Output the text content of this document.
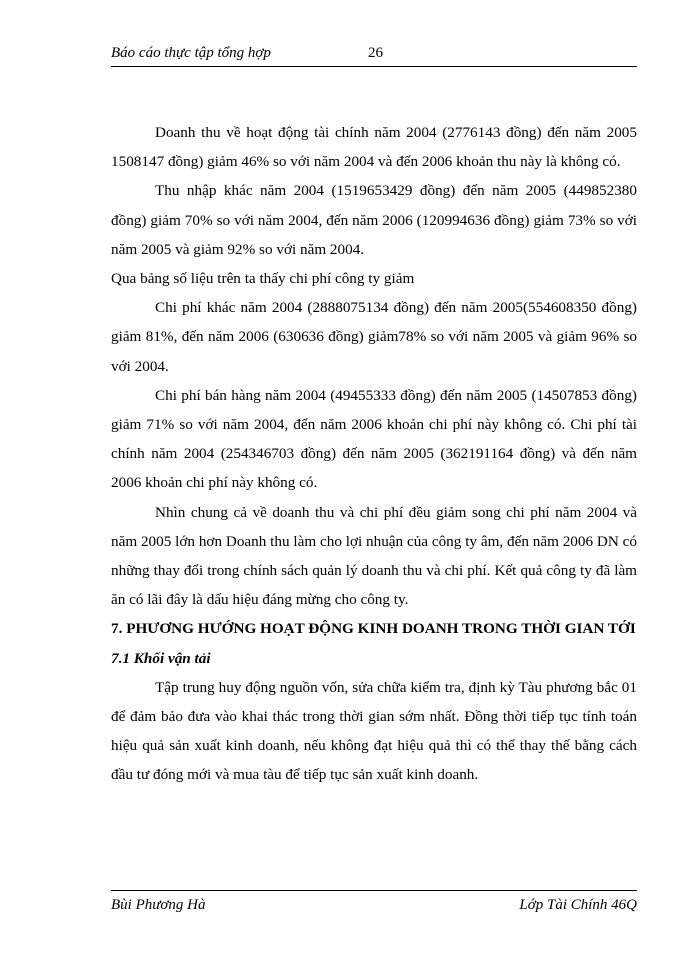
Báo cáo thực tập tổng hợp	26

Doanh thu về hoạt động tài chính năm 2004 (2776143 đồng) đến năm 2005 1508147 đồng) giảm 46% so với năm 2004 và đến 2006 khoản thu này là không có.

Thu nhập khác năm 2004 (1519653429 đồng) đến năm 2005 (449852380 đồng) giảm 70% so với năm 2004, đến năm 2006 (120994636 đồng) giảm 73% so với năm 2005 và giảm 92% so với năm 2004.

Qua bảng số liệu trên ta thấy chi phí công ty giảm

Chi phí khác năm 2004 (2888075134 đồng) đến năm 2005(554608350 đồng) giảm 81%, đến năm 2006 (630636 đồng) giảm78% so với năm 2005 và giảm 96% so với 2004.

Chi phí bán hàng năm 2004 (49455333 đồng) đến năm 2005 (14507853 đồng) giảm 71% so với năm 2004, đến năm 2006 khoản chi phí này không có. Chi phí tài chính năm 2004 (254346703 đồng) đến năm 2005 (362191164 đồng) và đến năm 2006 khoản chi phí này không có.

Nhìn chung cả về doanh thu và chi phí đều giảm song chi phí năm 2004 và năm 2005 lớn hơn Doanh thu làm cho lợi nhuận của công ty âm, đến năm 2006 DN có những thay đổi trong chính sách quản lý doanh thu và chi phí. Kết quả công ty đã làm ăn có lãi đây là dấu hiệu đáng mừng cho công ty.

7. PHƯƠNG HƯỚNG HOẠT ĐỘNG KINH DOANH TRONG THỜI GIAN TỚI

7.1 Khối vận tải

Tập trung huy động nguồn vốn, sửa chữa kiểm tra, định kỳ Tàu phương bắc 01 để đảm bảo đưa vào khai thác trong thời gian sớm nhất. Đồng thời tiếp tục tính toán hiệu quả sản xuất kinh doanh, nếu không đạt hiệu quả thì có thể thay thế bằng cách đầu tư đóng mới và mua tàu để tiếp tục sản xuất kinh doanh.

Bùi Phương Hà	Lớp Tài Chính 46Q
